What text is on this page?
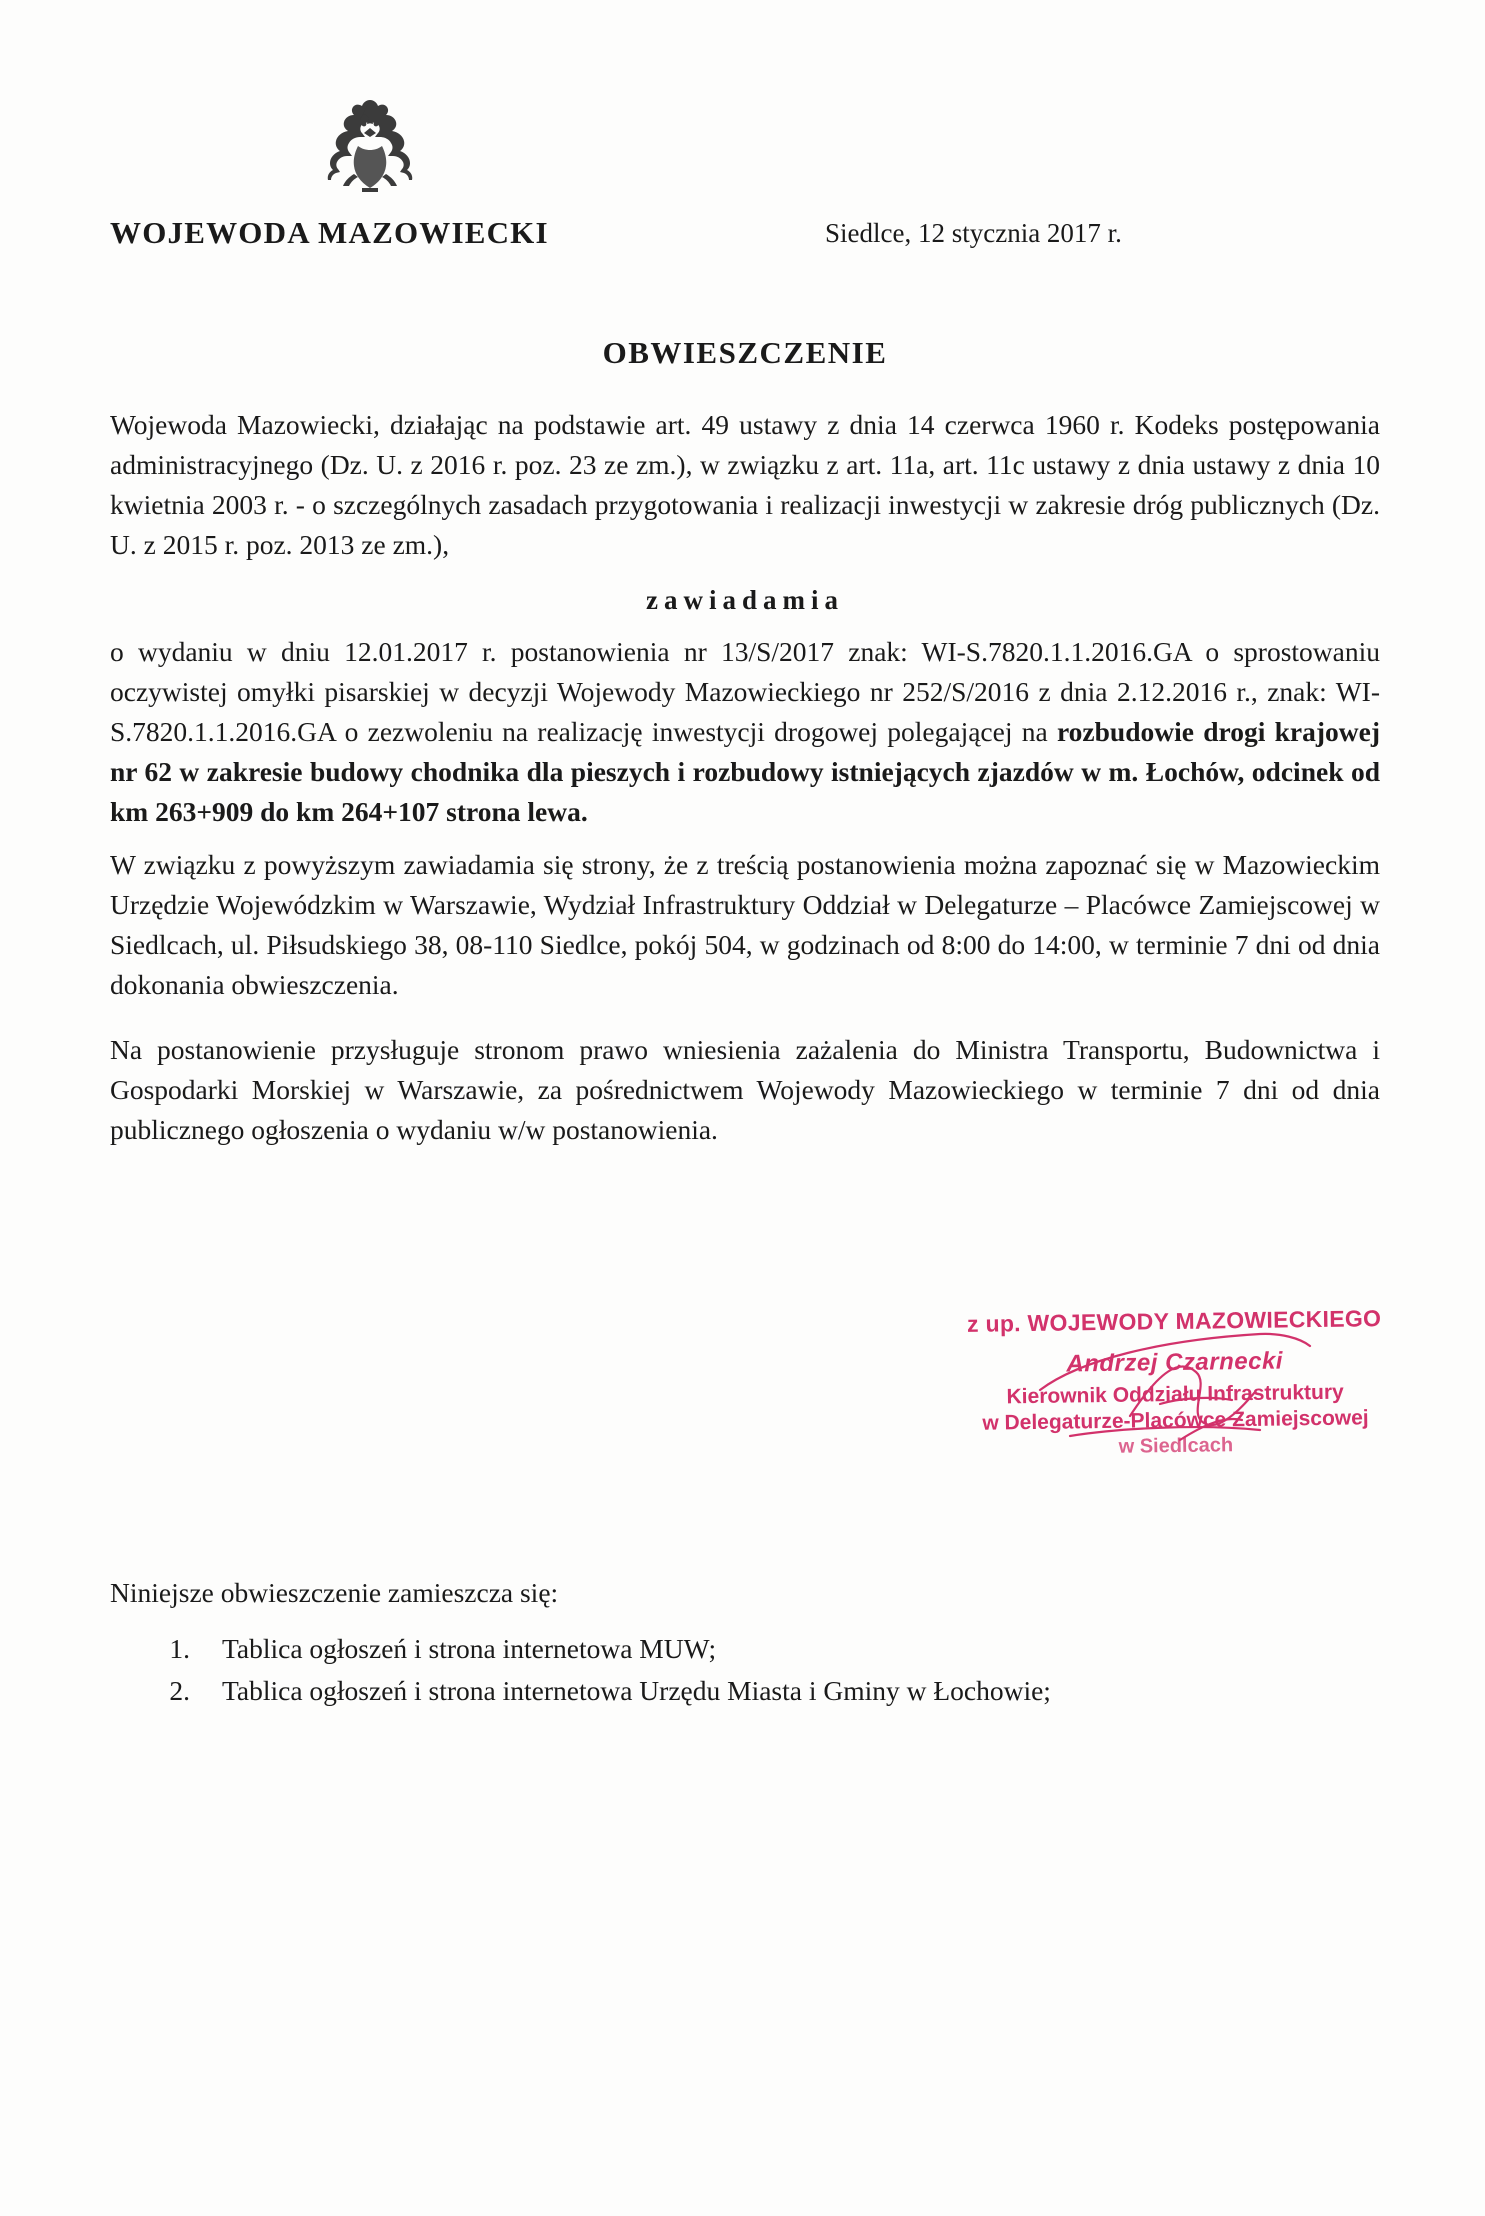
WOJEWODA MAZOWIECKI	Siedlce, 12 stycznia 2017 r.
OBWIESZCZENIE
Wojewoda Mazowiecki, działając na podstawie art. 49 ustawy z dnia 14 czerwca 1960 r. Kodeks postępowania administracyjnego (Dz. U. z 2016 r. poz. 23 ze zm.), w związku z art. 11a, art. 11c ustawy z dnia ustawy z dnia 10 kwietnia 2003 r. - o szczególnych zasadach przygotowania i realizacji inwestycji w zakresie dróg publicznych (Dz. U. z 2015 r. poz. 2013 ze zm.),
zawiadamia
o wydaniu w dniu 12.01.2017 r. postanowienia nr 13/S/2017 znak: WI-S.7820.1.1.2016.GA o sprostowaniu oczywistej omyłki pisarskiej w decyzji Wojewody Mazowieckiego nr 252/S/2016 z dnia 2.12.2016 r., znak: WI-S.7820.1.1.2016.GA o zezwoleniu na realizację inwestycji drogowej polegającej na rozbudowie drogi krajowej nr 62 w zakresie budowy chodnika dla pieszych i rozbudowy istniejących zjazdów w m. Łochów, odcinek od km 263+909 do km 264+107 strona lewa.
W związku z powyższym zawiadamia się strony, że z treścią postanowienia można zapoznać się w Mazowieckim Urzędzie Wojewódzkim w Warszawie, Wydział Infrastruktury Oddział w Delegaturze – Placówce Zamiejscowej w Siedlcach, ul. Piłsudskiego 38, 08-110 Siedlce, pokój 504, w godzinach od 8:00 do 14:00, w terminie 7 dni od dnia dokonania obwieszczenia.
Na postanowienie przysługuje stronom prawo wniesienia zażalenia do Ministra Transportu, Budownictwa i Gospodarki Morskiej w Warszawie, za pośrednictwem Wojewody Mazowieckiego w terminie 7 dni od dnia publicznego ogłoszenia o wydaniu w/w postanowienia.
z up. WOJEWODY MAZOWIECKIEGO
Andrzej Czarnecki
Kierownik Oddziału Infrastruktury
w Delegaturze-Placówce Zamiejscowej
w Siedlcach
Niniejsze obwieszczenie zamieszcza się:
1.	Tablica ogłoszeń i strona internetowa MUW;
2.	Tablica ogłoszeń i strona internetowa Urzędu Miasta i Gminy w Łochowie;
